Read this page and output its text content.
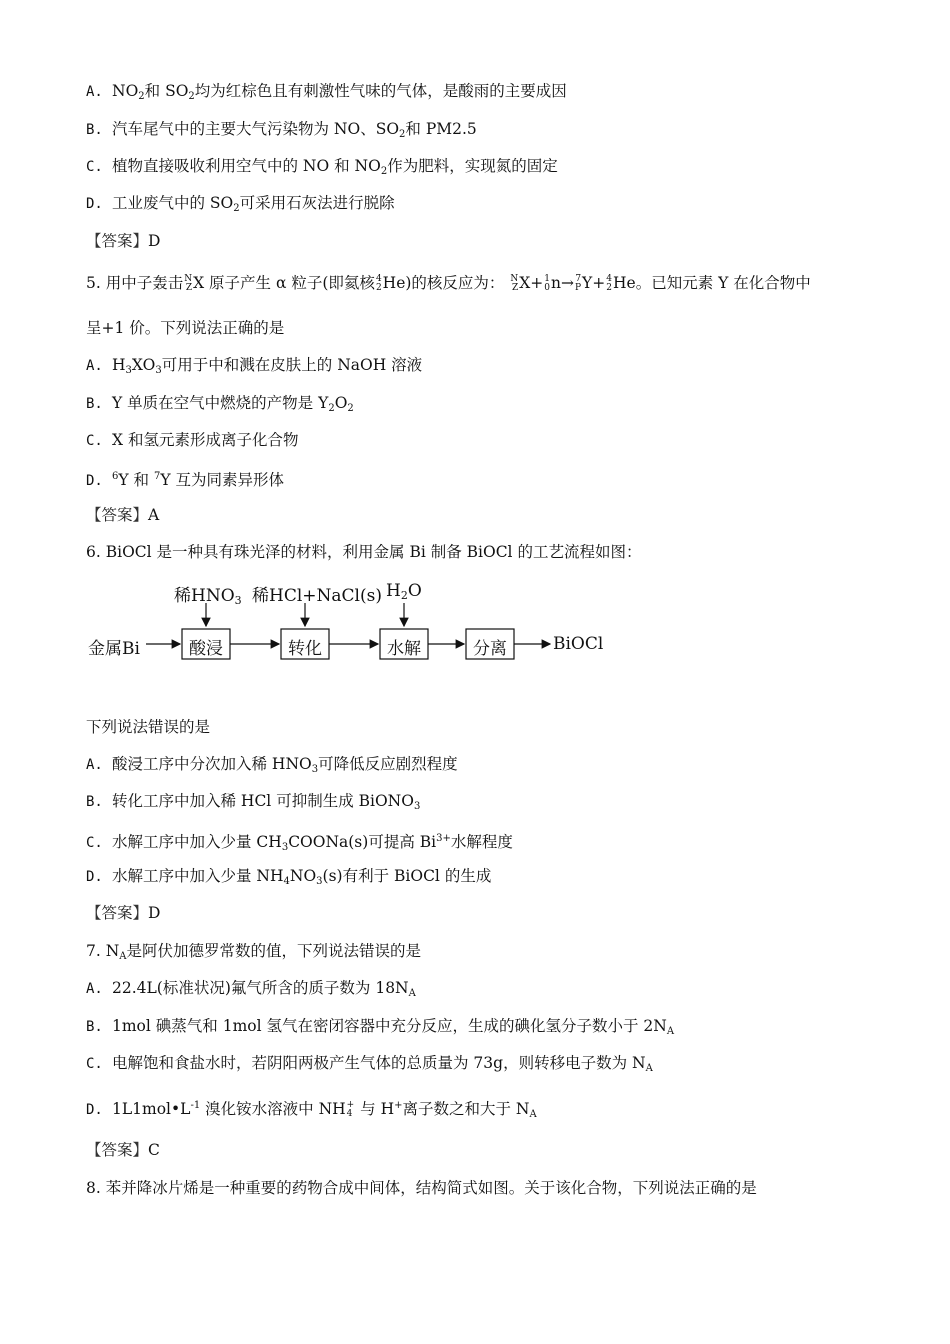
A. $NO_2$和 $SO_2$均为红棕色且有刺激性气味的气体，是酸雨的主要成因
B. 汽车尾气中的主要大气污染物为 NO、$SO_2$和 PM2.5
C. 植物直接吸收利用空气中的 NO 和 $NO_2$作为肥料，实现氮的固定
D. 工业废气中的 $SO_2$可采用石灰法进行脱除
【答案】D
5. 用中子轰击 N
Z X 原子产生 α 粒子(即氦核 4
2 He)的核反应为： N
Z X+ 1
0 n→ 7
P Y+ 4
2 He。已知元素 Y 在化合物中
呈+1 价。下列说法正确的是
A. $H_3XO_3$可用于中和溅在皮肤上的 NaOH 溶液
B. Y 单质在空气中燃烧的产物是 $Y_2O_2$
C. X 和氢元素形成离子化合物
D. $^6$Y 和 $^7$Y 互为同素异形体
【答案】A
6. BiOCl 是一种具有珠光泽的材料，利用金属 Bi 制备 BiOCl 的工艺流程如图：
稀$HNO_3$ 稀HCl+NaCl(s) $H_2O$
金属Bi	酸浸	转化	水解	分离	BiOCl
下列说法错误的是
A. 酸浸工序中分次加入稀 $HNO_3$可降低反应剧烈程度
B. 转化工序中加入稀 HCl 可抑制生成 BiONO$_3$
C. 水解工序中加入少量 $CH_3COONa(s)$可提高 $Bi^{3+}$水解程度
D. 水解工序中加入少量 $NH_4NO_3(s)$有利于 BiOCl 的生成
【答案】D
7. $N_A$是阿伏加德罗常数的值，下列说法错误的是
A. 22.4L(标准状况)氟气所含的质子数为 $18N_A$
B. 1mol 碘蒸气和 1mol 氢气在密闭容器中充分反应，生成的碘化氢分子数小于 $2N_A$
C. 电解饱和食盐水时，若阴阳两极产生气体的总质量为 73g，则转移电子数为 $N_A$
D. $1L1mol•L^{-1}$ 溴化铵水溶液中 NH +
4 与 H+离子数之和大于 $N_A$
【答案】C
8. 苯并降冰片烯是一种重要的药物合成中间体，结构简式如图。关于该化合物，下列说法正确的是
